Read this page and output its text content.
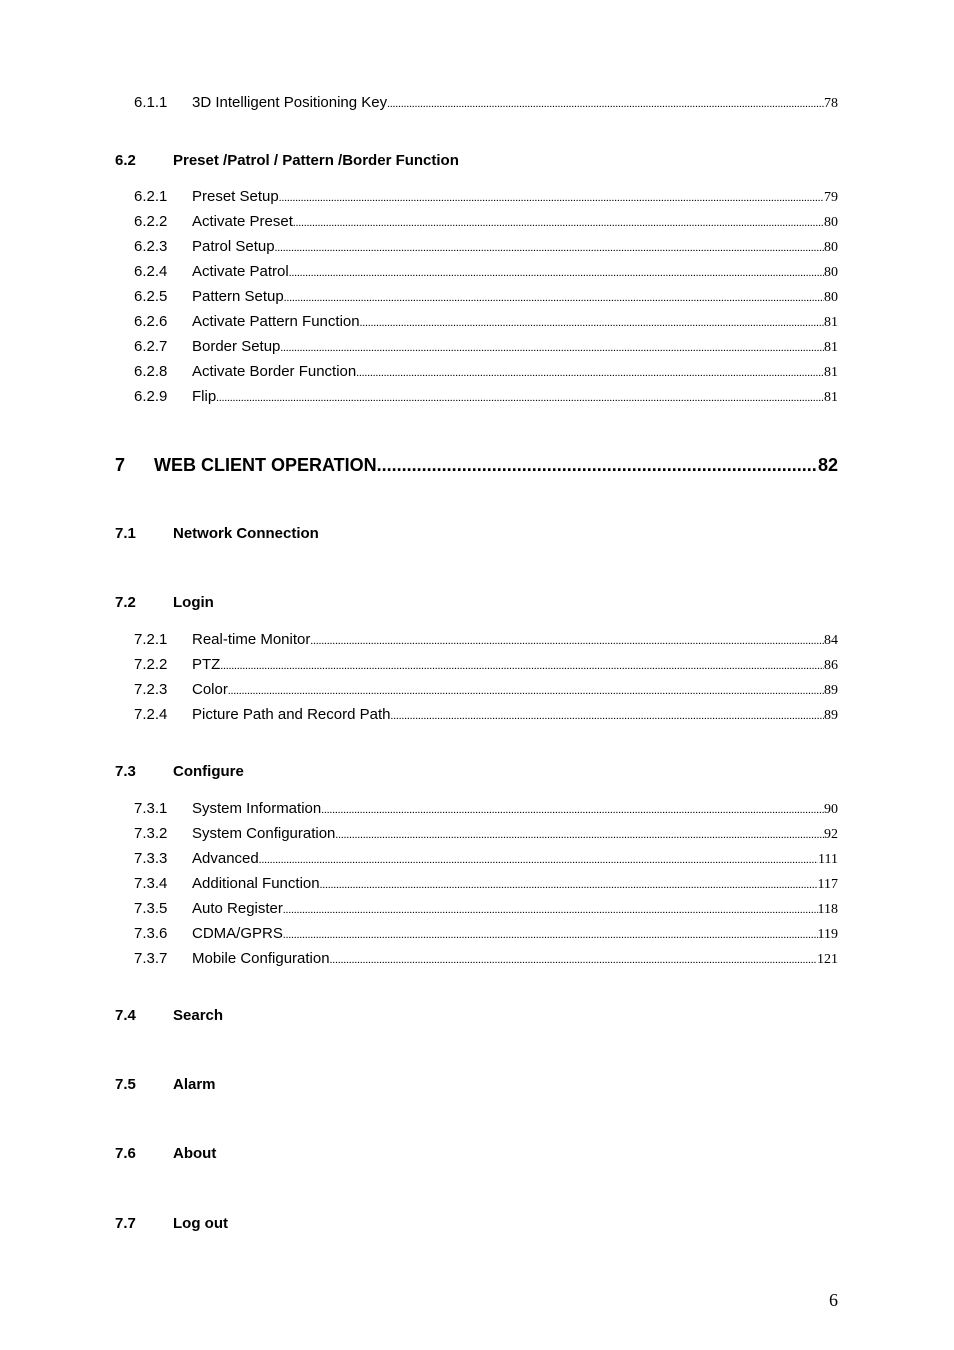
6.1.1	3D Intelligent Positioning Key .....	78
6.2	Preset /Patrol / Pattern /Border Function
6.2.1	Preset Setup .....	79
6.2.2	Activate Preset .....	80
6.2.3	Patrol Setup .....	80
6.2.4	Activate Patrol .....	80
6.2.5	Pattern Setup .....	80
6.2.6	Activate Pattern Function .....	81
6.2.7	Border Setup .....	81
6.2.8	Activate Border Function .....	81
6.2.9	Flip .....	81
7	WEB CLIENT OPERATION .....	82
7.1	Network Connection
7.2	Login
7.2.1	Real-time Monitor .....	84
7.2.2	PTZ .....	86
7.2.3	Color .....	89
7.2.4	Picture Path and Record Path .....	89
7.3	Configure
7.3.1	System Information .....	90
7.3.2	System Configuration .....	92
7.3.3	Advanced .....	111
7.3.4	Additional Function .....	117
7.3.5	Auto Register .....	118
7.3.6	CDMA/GPRS .....	119
7.3.7	Mobile Configuration .....	121
7.4	Search
7.5	Alarm
7.6	About
7.7	Log out
6
